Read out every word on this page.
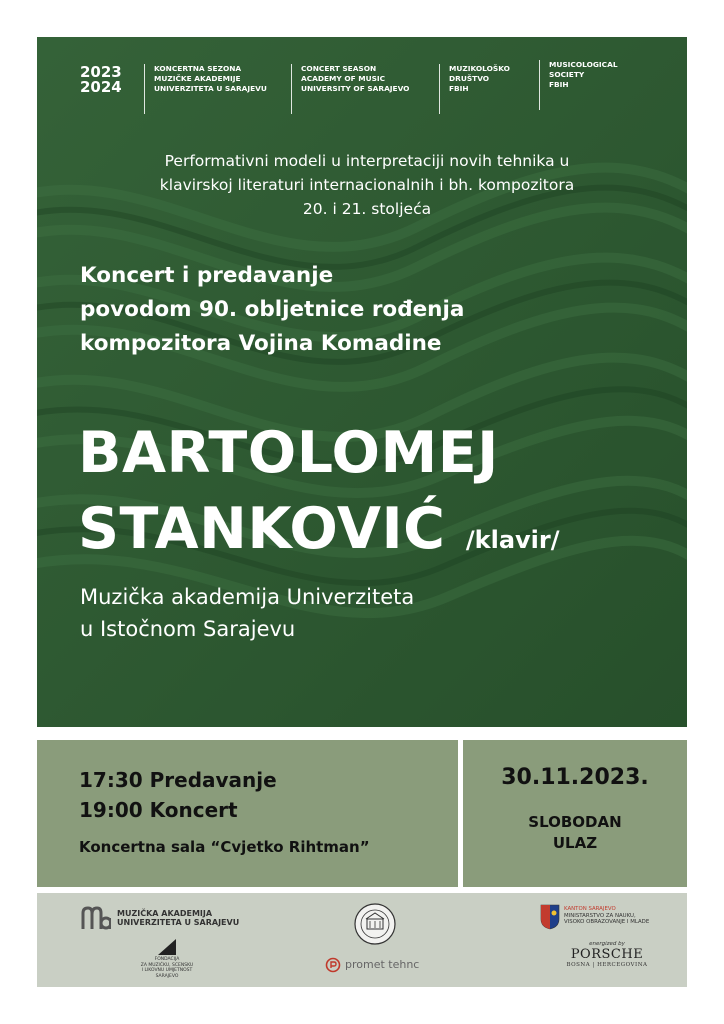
2023
2024
KONCERTNA SEZONA
MUZIČKE AKADEMIJE
UNIVERZITETA U SARAJEVU
CONCERT SEASON
ACADEMY OF MUSIC
UNIVERSITY OF SARAJEVO
MUZIKOLOŠKO
DRUŠTVO
FBIH
MUSICOLOGICAL
SOCIETY
FBIH
Performativni modeli u interpretaciji novih tehnika u
klavirskoj literaturi internacionalnih i bh. kompozitora
20. i 21. stoljeća
Koncert i predavanje
povodom 90. obljetnice rođenja
kompozitora Vojina Komadine
BARTOLOMEJ
STANKOVIĆ /klavir/
Muzička akademija Univerziteta
u Istočnom Sarajevu
17:30 Predavanje
19:00 Koncert
Koncertna sala “Cvjetko Rihtman”
30.11.2023.
SLOBODAN
ULAZ
MUZIČKA AKADEMIJA
UNIVERZITETA U SARAJEVU
FONDACIJA
ZA MUZIČKU, SCENSKU
I LIKOVNU UMJETNOST
SARAJEVO
promet tehnc
KANTON SARAJEVO
MINISTARSTVO ZA NAUKU,
VISOKO OBRAZOVANJE I MLADE
energized by
PORSCHE
BOSNA | HERCEGOVINA
